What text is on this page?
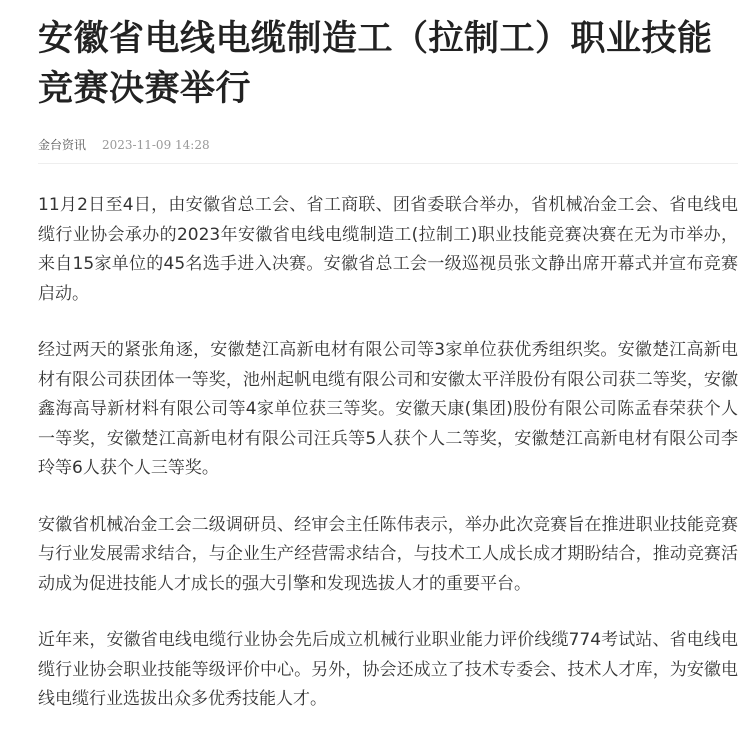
安徽省电线电缆制造工（拉制工）职业技能竞赛决赛举行
金台资讯 2023-11-09 14:28

11月2日至4日，由安徽省总工会、省工商联、团省委联合举办，省机械冶金工会、省电线电缆行业协会承办的2023年安徽省电线电缆制造工(拉制工)职业技能竞赛决赛在无为市举办，来自15家单位的45名选手进入决赛。安徽省总工会一级巡视员张文静出席开幕式并宣布竞赛启动。

经过两天的紧张角逐，安徽楚江高新电材有限公司等3家单位获优秀组织奖。安徽楚江高新电材有限公司获团体一等奖，池州起帆电缆有限公司和安徽太平洋股份有限公司获二等奖，安徽鑫海高导新材料有限公司等4家单位获三等奖。安徽天康(集团)股份有限公司陈孟春荣获个人一等奖，安徽楚江高新电材有限公司汪兵等5人获个人二等奖，安徽楚江高新电材有限公司李玲等6人获个人三等奖。

安徽省机械冶金工会二级调研员、经审会主任陈伟表示，举办此次竞赛旨在推进职业技能竞赛与行业发展需求结合，与企业生产经营需求结合，与技术工人成长成才期盼结合，推动竞赛活动成为促进技能人才成长的强大引擎和发现选拔人才的重要平台。

近年来，安徽省电线电缆行业协会先后成立机械行业职业能力评价线缆774考试站、省电线电缆行业协会职业技能等级评价中心。另外，协会还成立了技术专委会、技术人才库，为安徽电线电缆行业选拔出众多优秀技能人才。
